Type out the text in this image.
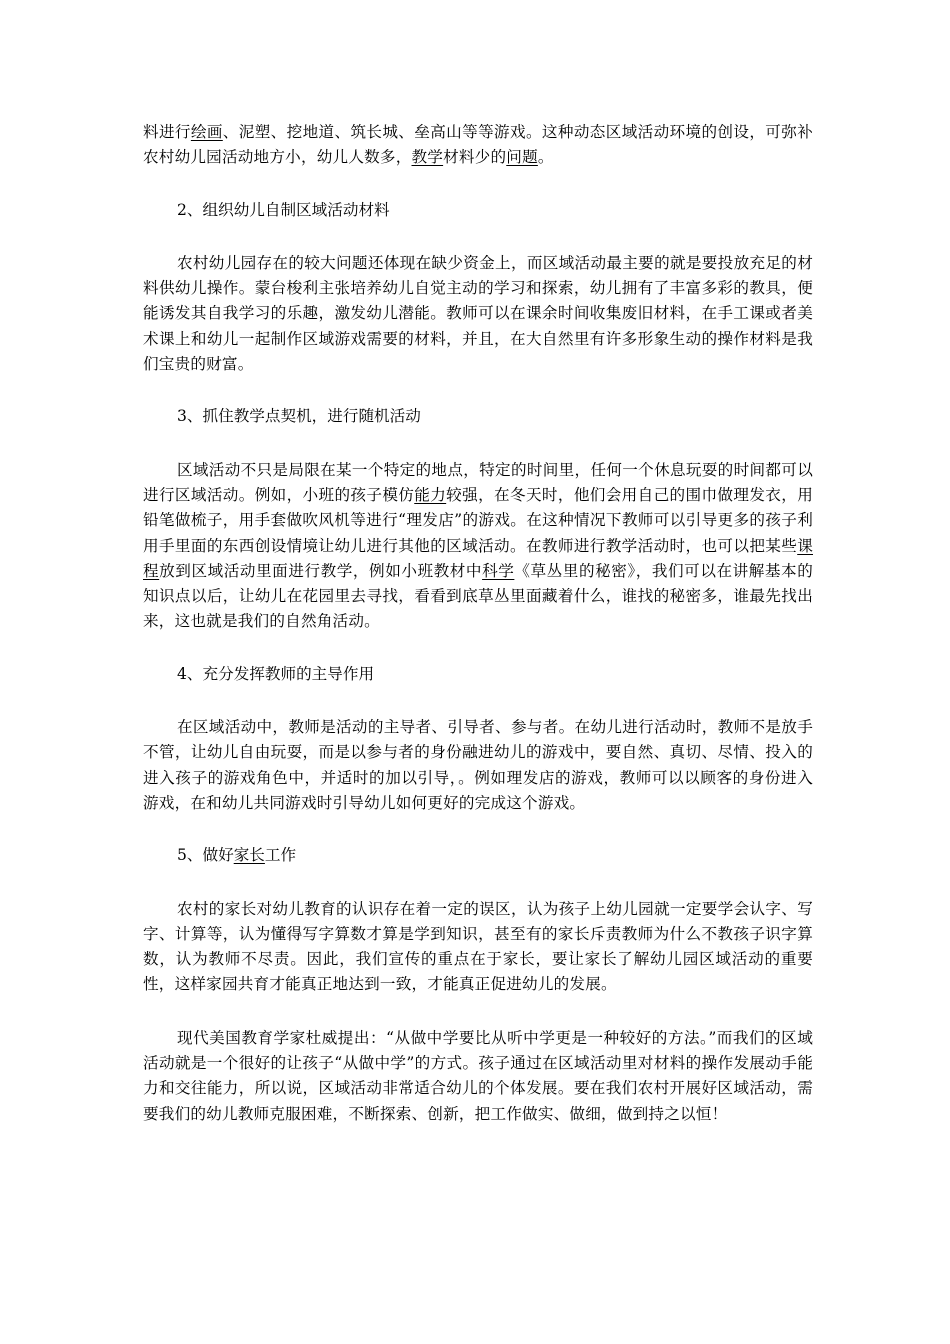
料进行绘画、泥塑、挖地道、筑长城、垒高山等等游戏。这种动态区域活动环境的创设，可弥补农村幼儿园活动地方小，幼儿人数多，教学材料少的问题。

2、组织幼儿自制区域活动材料

农村幼儿园存在的较大问题还体现在缺少资金上，而区域活动最主要的就是要投放充足的材料供幼儿操作。蒙台梭利主张培养幼儿自觉主动的学习和探索，幼儿拥有了丰富多彩的教具，便能诱发其自我学习的乐趣，激发幼儿潜能。教师可以在课余时间收集废旧材料，在手工课或者美术课上和幼儿一起制作区域游戏需要的材料，并且，在大自然里有许多形象生动的操作材料是我们宝贵的财富。

3、抓住教学点契机，进行随机活动

区域活动不只是局限在某一个特定的地点，特定的时间里，任何一个休息玩耍的时间都可以进行区域活动。例如，小班的孩子模仿能力较强，在冬天时，他们会用自己的围巾做理发衣，用铅笔做梳子，用手套做吹风机等进行“理发店”的游戏。在这种情况下教师可以引导更多的孩子利用手里面的东西创设情境让幼儿进行其他的区域活动。在教师进行教学活动时，也可以把某些课程放到区域活动里面进行教学，例如小班教材中科学《草丛里的秘密》，我们可以在讲解基本的知识点以后，让幼儿在花园里去寻找，看看到底草丛里面藏着什么，谁找的秘密多，谁最先找出来，这也就是我们的自然角活动。

4、充分发挥教师的主导作用

在区域活动中，教师是活动的主导者、引导者、参与者。在幼儿进行活动时，教师不是放手不管，让幼儿自由玩耍，而是以参与者的身份融进幼儿的游戏中，要自然、真切、尽情、投入的进入孩子的游戏角色中，并适时的加以引导，。例如理发店的游戏，教师可以以顾客的身份进入游戏，在和幼儿共同游戏时引导幼儿如何更好的完成这个游戏。

5、做好家长工作

农村的家长对幼儿教育的认识存在着一定的误区，认为孩子上幼儿园就一定要学会认字、写字、计算等，认为懂得写字算数才算是学到知识，甚至有的家长斥责教师为什么不教孩子识字算数，认为教师不尽责。因此，我们宣传的重点在于家长，要让家长了解幼儿园区域活动的重要性，这样家园共育才能真正地达到一致，才能真正促进幼儿的发展。

现代美国教育学家杜威提出：“从做中学要比从听中学更是一种较好的方法。”而我们的区域活动就是一个很好的让孩子“从做中学”的方式。孩子通过在区域活动里对材料的操作发展动手能力和交往能力，所以说，区域活动非常适合幼儿的个体发展。要在我们农村开展好区域活动，需要我们的幼儿教师克服困难，不断探索、创新，把工作做实、做细，做到持之以恒！
